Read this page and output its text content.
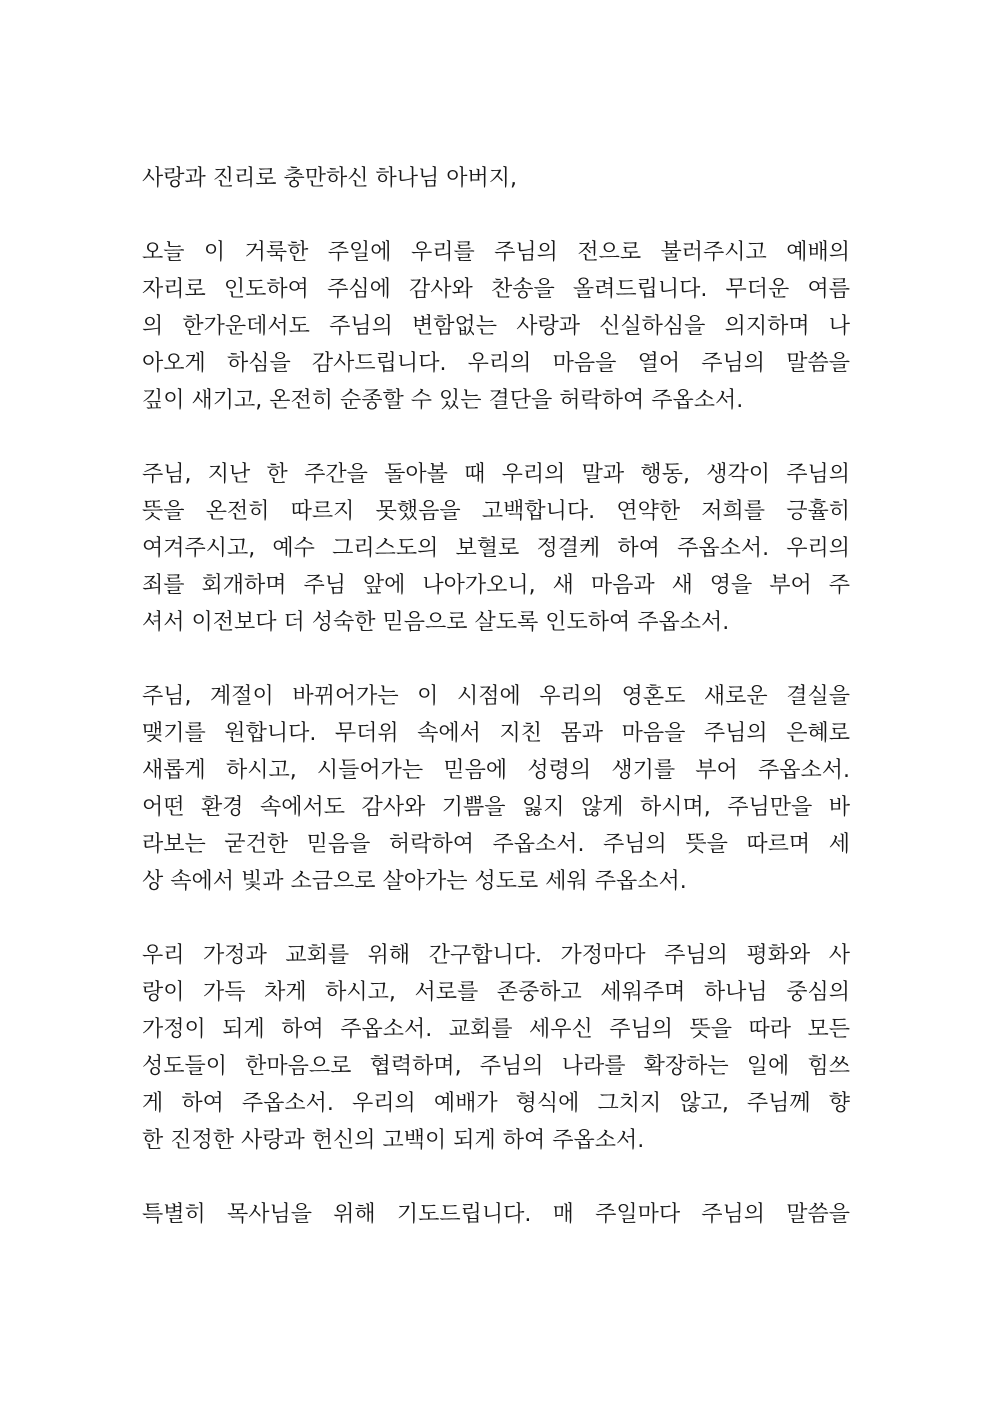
사랑과 진리로 충만하신 하나님 아버지,
오늘 이 거룩한 주일에 우리를 주님의 전으로 불러주시고 예배의
자리로 인도하여 주심에 감사와 찬송을 올려드립니다. 무더운 여름
의 한가운데서도 주님의 변함없는 사랑과 신실하심을 의지하며 나
아오게 하심을 감사드립니다. 우리의 마음을 열어 주님의 말씀을
깊이 새기고, 온전히 순종할 수 있는 결단을 허락하여 주옵소서.
주님, 지난 한 주간을 돌아볼 때 우리의 말과 행동, 생각이 주님의
뜻을 온전히 따르지 못했음을 고백합니다. 연약한 저희를 긍휼히
여겨주시고, 예수 그리스도의 보혈로 정결케 하여 주옵소서. 우리의
죄를 회개하며 주님 앞에 나아가오니, 새 마음과 새 영을 부어 주
셔서 이전보다 더 성숙한 믿음으로 살도록 인도하여 주옵소서.
주님, 계절이 바뀌어가는 이 시점에 우리의 영혼도 새로운 결실을
맺기를 원합니다. 무더위 속에서 지친 몸과 마음을 주님의 은혜로
새롭게 하시고, 시들어가는 믿음에 성령의 생기를 부어 주옵소서.
어떤 환경 속에서도 감사와 기쁨을 잃지 않게 하시며, 주님만을 바
라보는 굳건한 믿음을 허락하여 주옵소서. 주님의 뜻을 따르며 세
상 속에서 빛과 소금으로 살아가는 성도로 세워 주옵소서.
우리 가정과 교회를 위해 간구합니다. 가정마다 주님의 평화와 사
랑이 가득 차게 하시고, 서로를 존중하고 세워주며 하나님 중심의
가정이 되게 하여 주옵소서. 교회를 세우신 주님의 뜻을 따라 모든
성도들이 한마음으로 협력하며, 주님의 나라를 확장하는 일에 힘쓰
게 하여 주옵소서. 우리의 예배가 형식에 그치지 않고, 주님께 향
한 진정한 사랑과 헌신의 고백이 되게 하여 주옵소서.
특별히 목사님을 위해 기도드립니다. 매 주일마다 주님의 말씀을
